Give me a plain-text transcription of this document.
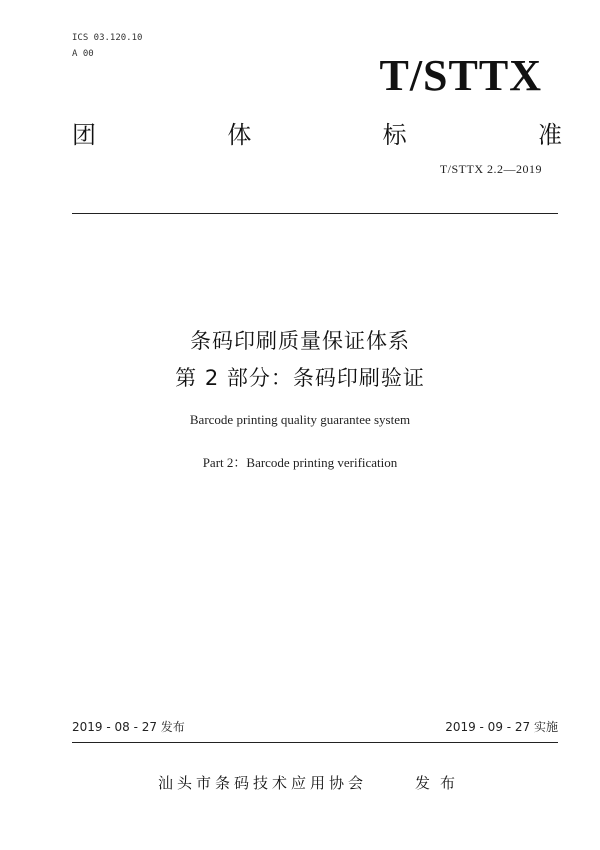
ICS 03.120.10
A 00	T/STTX
团	体	标	准
T/STTX 2.2—2019
条码印刷质量保证体系
第 2 部分：条码印刷验证
Barcode printing quality guarantee system
Part 2：Barcode printing verification
2019 - 08 - 27 发布	2019 - 09 - 27 实施
汕头市条码技术应用协会	发布
